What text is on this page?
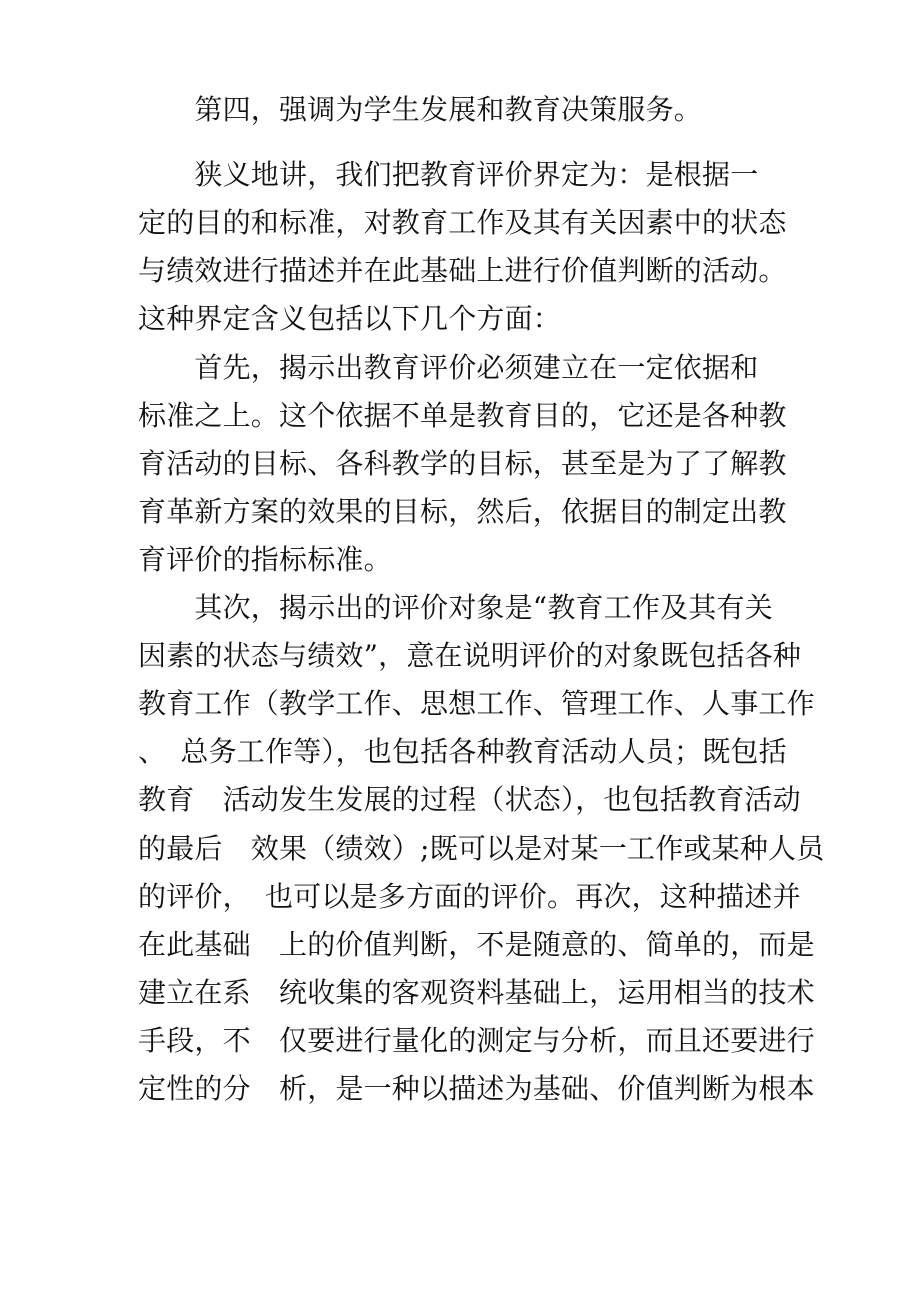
　　第四，强调为学生发展和教育决策服务。
　　狭义地讲，我们把教育评价界定为：是根据一
定的目的和标准，对教育工作及其有关因素中的状态
与绩效进行描述并在此基础上进行价值判断的活动。
这种界定含义包括以下几个方面：
　　首先，揭示出教育评价必须建立在一定依据和
标准之上。这个依据不单是教育目的，它还是各种教
育活动的目标、各科教学的目标，甚至是为了了解教
育革新方案的效果的目标，然后，依据目的制定出教
育评价的指标标准。
　　其次，揭示出的评价对象是“教育工作及其有关
因素的状态与绩效”，意在说明评价的对象既包括各种
教育工作（教学工作、思想工作、管理工作、人事工作
、　总务工作等），也包括各种教育活动人员；既包括
教育　活动发生发展的过程（状态），也包括教育活动
的最后　效果（绩效）;既可以是对某一工作或某种人员
的评价，　也可以是多方面的评价。再次，这种描述并
在此基础　上的价值判断，不是随意的、简单的，而是
建立在系　统收集的客观资料基础上，运用相当的技术
手段，不　仅要进行量化的测定与分析，而且还要进行
定性的分　析，是一种以描述为基础、价值判断为根本
